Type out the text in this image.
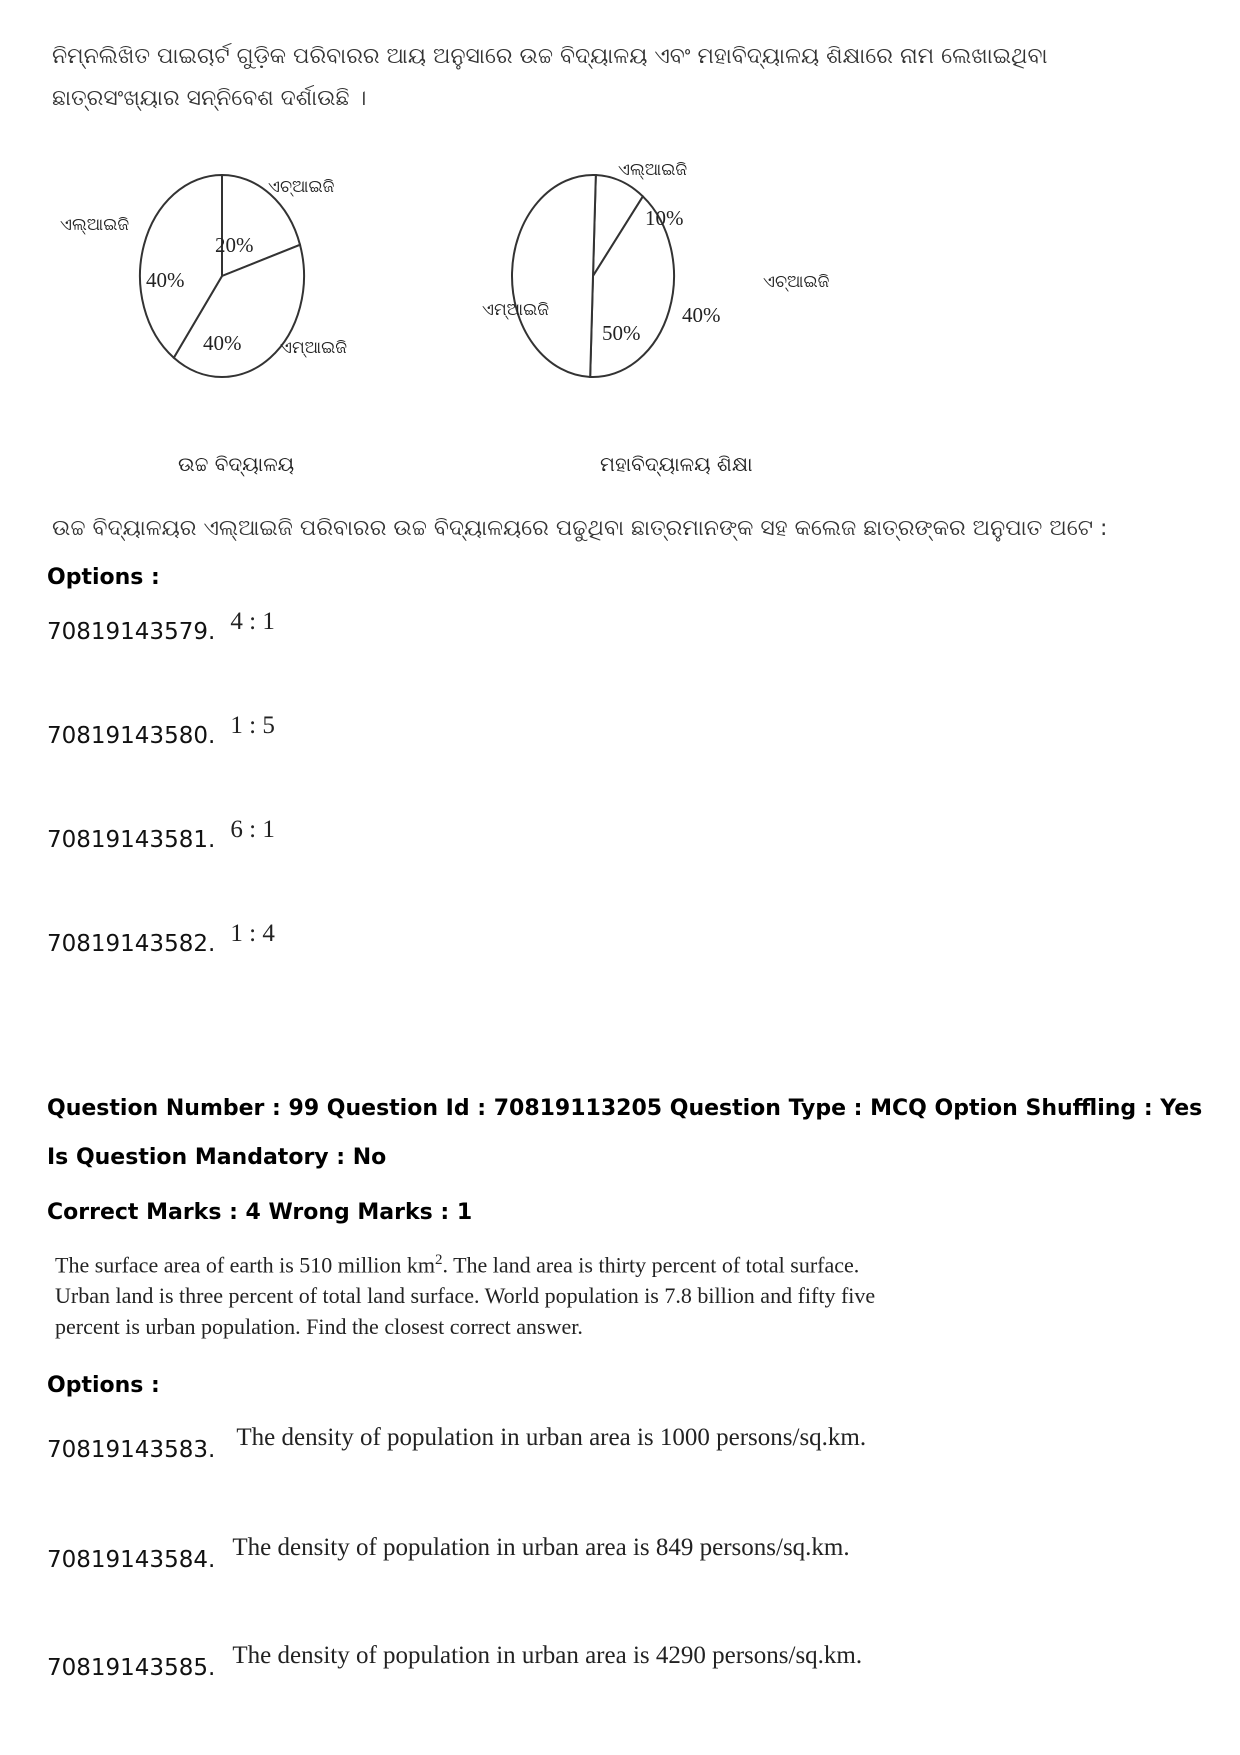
ନିମ୍ନଲିଖିତ ପାଇଚାର୍ଟ ଗୁଡ଼ିକ ପରିବାରର ଆୟ ଅନୁସାରେ ଉଚ୍ଚ ବିଦ୍ୟାଳୟ ଏବଂ ମହାବିଦ୍ୟାଳୟ ଶିକ୍ଷାରେ ନାମ ଲେଖାଇଥିବା
ଛାତ୍ରସଂଖ୍ୟାର ସନ୍ନିବେଶ ଦର୍ଶାଉଛି ।
ଏଚ୍‌ଆଇଜି
ଏମ୍‌ଆଇଜି
ଏଲ୍‌ଆଇଜି
20%
40%
40%
ଉଚ୍ଚ ବିଦ୍ୟାଳୟ
ଏଲ୍‌ଆଇଜି
ଏଚ୍‌ଆଇଜି
ଏମ୍‌ଆଇଜି
10%
40%
50%
ମହାବିଦ୍ୟାଳୟ ଶିକ୍ଷା
ଉଚ୍ଚ ବିଦ୍ୟାଳୟର ଏଲ୍‌ଆଇଜି ପରିବାରର ଉଚ୍ଚ ବିଦ୍ୟାଳୟରେ ପଢୁଥିବା ଛାତ୍ରମାନଙ୍କ ସହ କଲେଜ ଛାତ୍ରଙ୍କର ଅନୁପାତ ଅଟେ :
Options :
70819143579. 4 : 1
70819143580. 1 : 5
70819143581. 6 : 1
70819143582. 1 : 4
Question Number : 99 Question Id : 70819113205 Question Type : MCQ Option Shuffling : Yes
Is Question Mandatory : No
Correct Marks : 4 Wrong Marks : 1
The surface area of earth is 510 million $km^2$. The land area is thirty percent of total surface.
Urban land is three percent of total land surface. World population is 7.8 billion and fifty five
percent is urban population. Find the closest correct answer.
Options :
70819143583. The density of population in urban area is 1000 persons/sq.km.
70819143584. The density of population in urban area is 849 persons/sq.km.
70819143585. The density of population in urban area is 4290 persons/sq.km.
